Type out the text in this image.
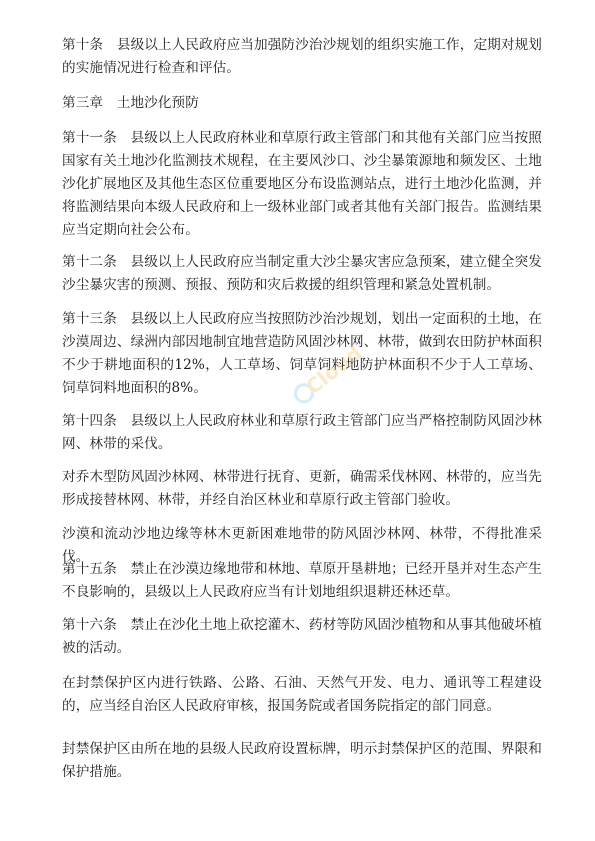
第十条　县级以上人民政府应当加强防沙治沙规划的组织实施工作，定期对规划的实施情况进行检查和评估。
第三章　土地沙化预防
第十一条　县级以上人民政府林业和草原行政主管部门和其他有关部门应当按照国家有关土地沙化监测技术规程，在主要风沙口、沙尘暴策源地和频发区、土地沙化扩展地区及其他生态区位重要地区分布设监测站点，进行土地沙化监测，并将监测结果向本级人民政府和上一级林业部门或者其他有关部门报告。监测结果应当定期向社会公布。
第十二条　县级以上人民政府应当制定重大沙尘暴灾害应急预案，建立健全突发沙尘暴灾害的预测、预报、预防和灾后救援的组织管理和紧急处置机制。
第十三条　县级以上人民政府应当按照防沙治沙规划，划出一定面积的土地，在沙漠周边、绿洲内部因地制宜地营造防风固沙林网、林带，做到农田防护林面积不少于耕地面积的12%，人工草场、饲草饲料地防护林面积不少于人工草场、饲草饲料地面积的8%。
第十四条　县级以上人民政府林业和草原行政主管部门应当严格控制防风固沙林网、林带的采伐。
对乔木型防风固沙林网、林带进行抚育、更新，确需采伐林网、林带的，应当先形成接替林网、林带，并经自治区林业和草原行政主管部门验收。
沙漠和流动沙地边缘等林木更新困难地带的防风固沙林网、林带，不得批准采伐。
第十五条　禁止在沙漠边缘地带和林地、草原开垦耕地；已经开垦并对生态产生不良影响的，县级以上人民政府应当有计划地组织退耕还林还草。
第十六条　禁止在沙化土地上砍挖灌木、药材等防风固沙植物和从事其他破坏植被的活动。
在封禁保护区内进行铁路、公路、石油、天然气开发、电力、通讯等工程建设的，应当经自治区人民政府审核，报国务院或者国务院指定的部门同意。
封禁保护区由所在地的县级人民政府设置标牌，明示封禁保护区的范围、界限和保护措施。
Cloud
